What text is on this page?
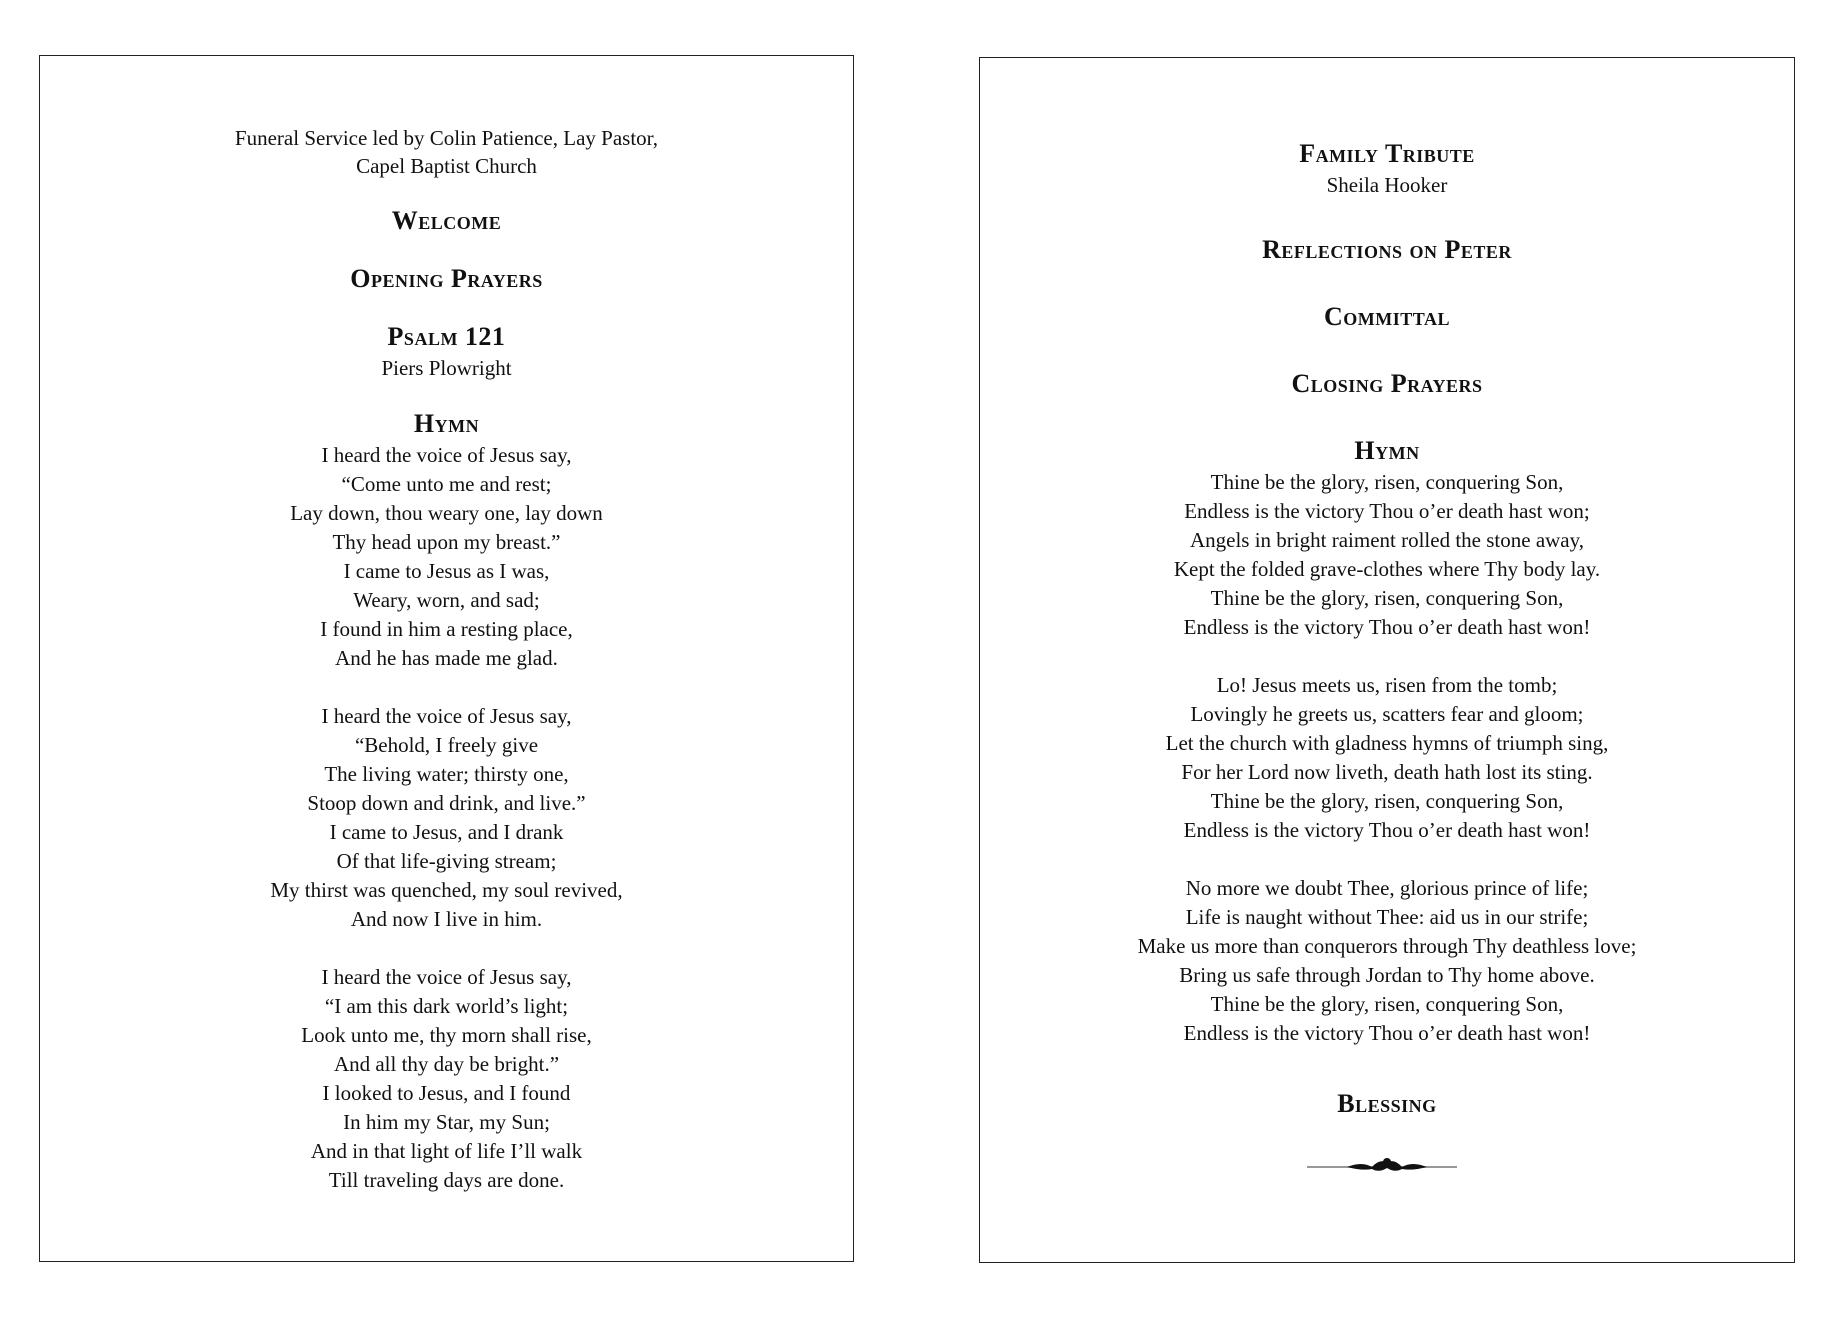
Funeral Service led by Colin Patience, Lay Pastor,
Capel Baptist Church
Welcome
Opening Prayers
Psalm 121
Piers Plowright
Hymn
I heard the voice of Jesus say,
“Come unto me and rest;
Lay down, thou weary one, lay down
Thy head upon my breast.”
I came to Jesus as I was,
Weary, worn, and sad;
I found in him a resting place,
And he has made me glad.
I heard the voice of Jesus say,
“Behold, I freely give
The living water; thirsty one,
Stoop down and drink, and live.”
I came to Jesus, and I drank
Of that life-giving stream;
My thirst was quenched, my soul revived,
And now I live in him.
I heard the voice of Jesus say,
“I am this dark world’s light;
Look unto me, thy morn shall rise,
And all thy day be bright.”
I looked to Jesus, and I found
In him my Star, my Sun;
And in that light of life I’ll walk
Till traveling days are done.
Family Tribute
Sheila Hooker
Reflections on Peter
Committal
Closing Prayers
Hymn
Thine be the glory, risen, conquering Son,
Endless is the victory Thou o’er death hast won;
Angels in bright raiment rolled the stone away,
Kept the folded grave-clothes where Thy body lay.
Thine be the glory, risen, conquering Son,
Endless is the victory Thou o’er death hast won!
Lo! Jesus meets us, risen from the tomb;
Lovingly he greets us, scatters fear and gloom;
Let the church with gladness hymns of triumph sing,
For her Lord now liveth, death hath lost its sting.
Thine be the glory, risen, conquering Son,
Endless is the victory Thou o’er death hast won!
No more we doubt Thee, glorious prince of life;
Life is naught without Thee: aid us in our strife;
Make us more than conquerors through Thy deathless love;
Bring us safe through Jordan to Thy home above.
Thine be the glory, risen, conquering Son,
Endless is the victory Thou o’er death hast won!
Blessing
